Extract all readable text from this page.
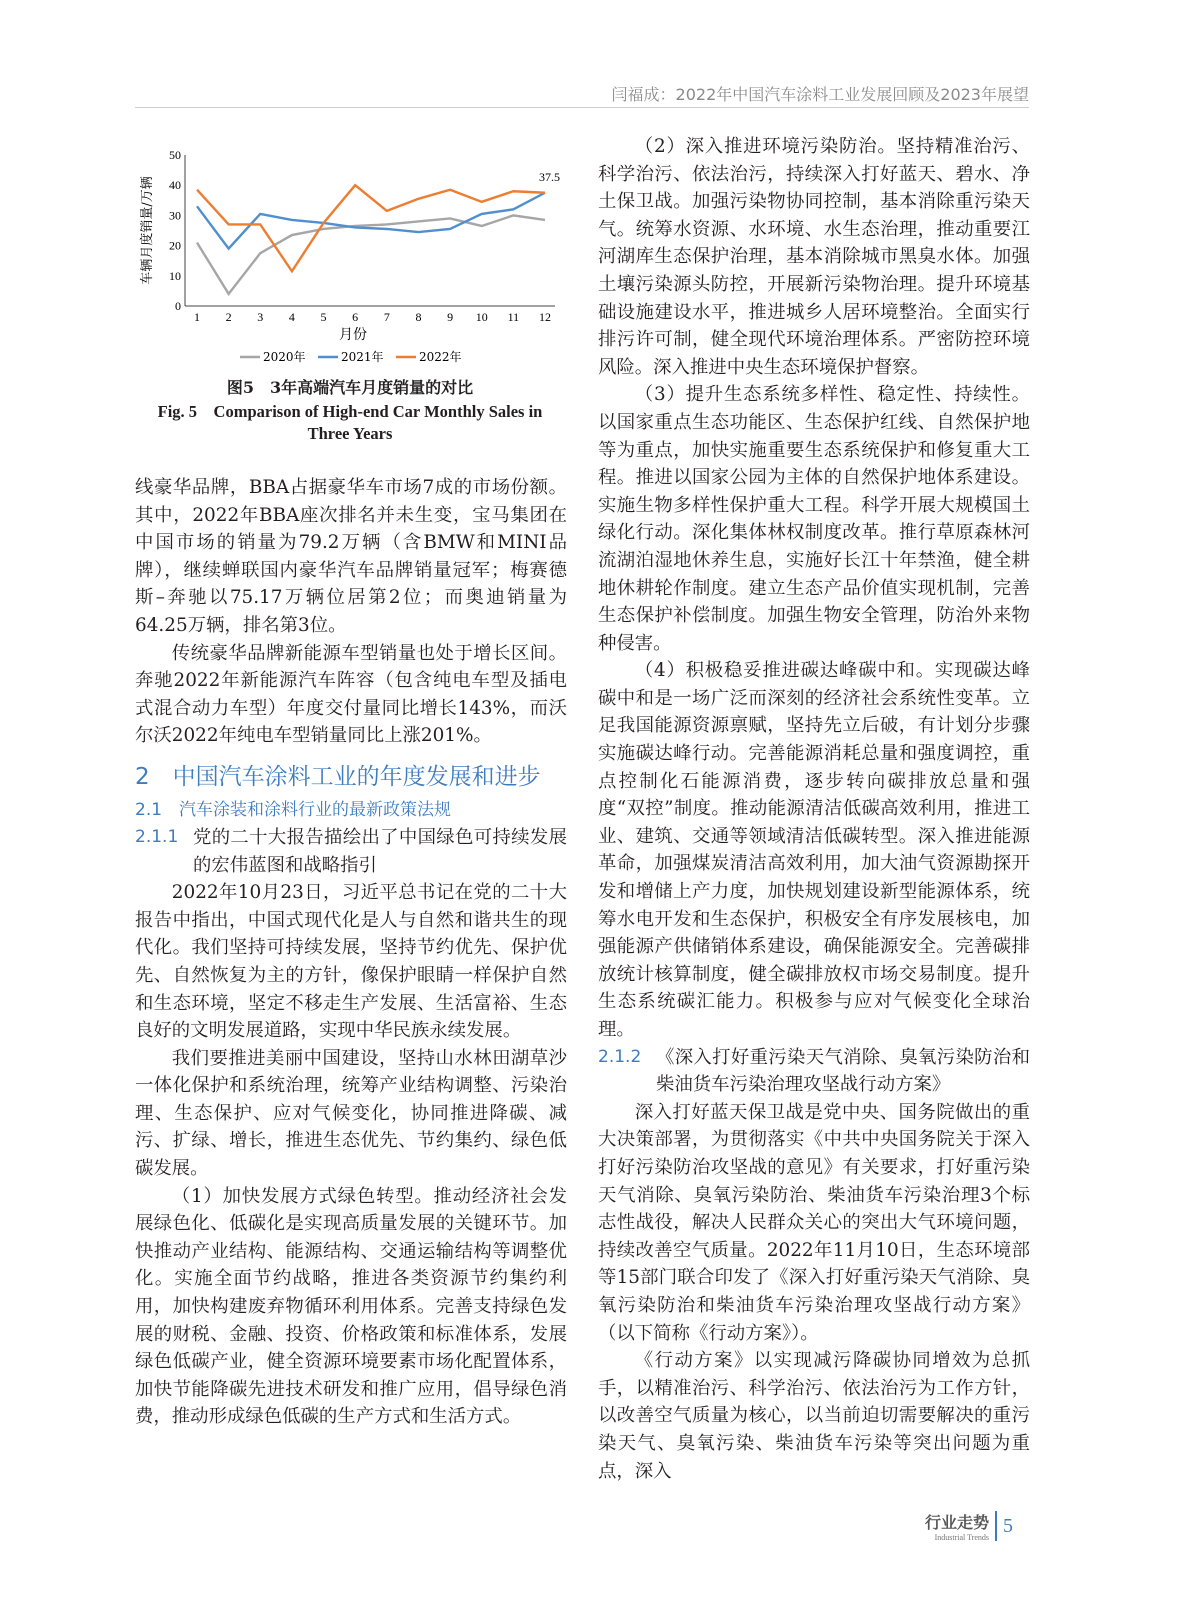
闫福成：2022年中国汽车涂料工业发展回顾及2023年展望
0
10
20
30
40
50
1 2 3 4 5 6 7 8 9 10 11 12
月份
车辆月度销量/万辆
2020年	2021年	2022年
37.5
图5　3年高端汽车月度销量的对比
Fig. 5　Comparison of High-end Car Monthly Sales in Three Years

线豪华品牌，BBA占据豪华车市场7成的市场份额。其中，2022年BBA座次排名并未生变，宝马集团在中国市场的销量为79.2万辆（含BMW和MINI品牌），继续蝉联国内豪华汽车品牌销量冠军；梅赛德斯–奔驰以75.17万辆位居第2位；而奥迪销量为64.25万辆，排名第3位。

传统豪华品牌新能源车型销量也处于增长区间。奔驰2022年新能源汽车阵容（包含纯电车型及插电式混合动力车型）年度交付量同比增长143%，而沃尔沃2022年纯电车型销量同比上涨201%。

2　中国汽车涂料工业的年度发展和进步
2.1　汽车涂装和涂料行业的最新政策法规
2.1.1 党的二十大报告描绘出了中国绿色可持续发展的宏伟蓝图和战略指引

2022年10月23日，习近平总书记在党的二十大报告中指出，中国式现代化是人与自然和谐共生的现代化。我们坚持可持续发展，坚持节约优先、保护优先、自然恢复为主的方针，像保护眼睛一样保护自然和生态环境，坚定不移走生产发展、生活富裕、生态良好的文明发展道路，实现中华民族永续发展。

我们要推进美丽中国建设，坚持山水林田湖草沙一体化保护和系统治理，统筹产业结构调整、污染治理、生态保护、应对气候变化，协同推进降碳、减污、扩绿、增长，推进生态优先、节约集约、绿色低碳发展。

（1）加快发展方式绿色转型。推动经济社会发展绿色化、低碳化是实现高质量发展的关键环节。加快推动产业结构、能源结构、交通运输结构等调整优化。实施全面节约战略，推进各类资源节约集约利用，加快构建废弃物循环利用体系。完善支持绿色发展的财税、金融、投资、价格政策和标准体系，发展绿色低碳产业，健全资源环境要素市场化配置体系，加快节能降碳先进技术研发和推广应用，倡导绿色消费，推动形成绿色低碳的生产方式和生活方式。

（2）深入推进环境污染防治。坚持精准治污、科学治污、依法治污，持续深入打好蓝天、碧水、净土保卫战。加强污染物协同控制，基本消除重污染天气。统筹水资源、水环境、水生态治理，推动重要江河湖库生态保护治理，基本消除城市黑臭水体。加强土壤污染源头防控，开展新污染物治理。提升环境基础设施建设水平，推进城乡人居环境整治。全面实行排污许可制，健全现代环境治理体系。严密防控环境风险。深入推进中央生态环境保护督察。

（3）提升生态系统多样性、稳定性、持续性。以国家重点生态功能区、生态保护红线、自然保护地等为重点，加快实施重要生态系统保护和修复重大工程。推进以国家公园为主体的自然保护地体系建设。实施生物多样性保护重大工程。科学开展大规模国土绿化行动。深化集体林权制度改革。推行草原森林河流湖泊湿地休养生息，实施好长江十年禁渔，健全耕地休耕轮作制度。建立生态产品价值实现机制，完善生态保护补偿制度。加强生物安全管理，防治外来物种侵害。

（4）积极稳妥推进碳达峰碳中和。实现碳达峰碳中和是一场广泛而深刻的经济社会系统性变革。立足我国能源资源禀赋，坚持先立后破，有计划分步骤实施碳达峰行动。完善能源消耗总量和强度调控，重点控制化石能源消费，逐步转向碳排放总量和强度“双控”制度。推动能源清洁低碳高效利用，推进工业、建筑、交通等领域清洁低碳转型。深入推进能源革命，加强煤炭清洁高效利用，加大油气资源勘探开发和增储上产力度，加快规划建设新型能源体系，统筹水电开发和生态保护，积极安全有序发展核电，加强能源产供储销体系建设，确保能源安全。完善碳排放统计核算制度，健全碳排放权市场交易制度。提升生态系统碳汇能力。积极参与应对气候变化全球治理。

2.1.2 《深入打好重污染天气消除、臭氧污染防治和柴油货车污染治理攻坚战行动方案》

深入打好蓝天保卫战是党中央、国务院做出的重大决策部署，为贯彻落实《中共中央国务院关于深入打好污染防治攻坚战的意见》有关要求，打好重污染天气消除、臭氧污染防治、柴油货车污染治理3个标志性战役，解决人民群众关心的突出大气环境问题，持续改善空气质量。2022年11月10日，生态环境部等15部门联合印发了《深入打好重污染天气消除、臭氧污染防治和柴油货车污染治理攻坚战行动方案》（以下简称《行动方案》）。

《行动方案》以实现减污降碳协同增效为总抓手，以精准治污、科学治污、依法治污为工作方针，以改善空气质量为核心，以当前迫切需要解决的重污染天气、臭氧污染、柴油货车污染等突出问题为重点，深入

行业走势
Industrial Trends
5
